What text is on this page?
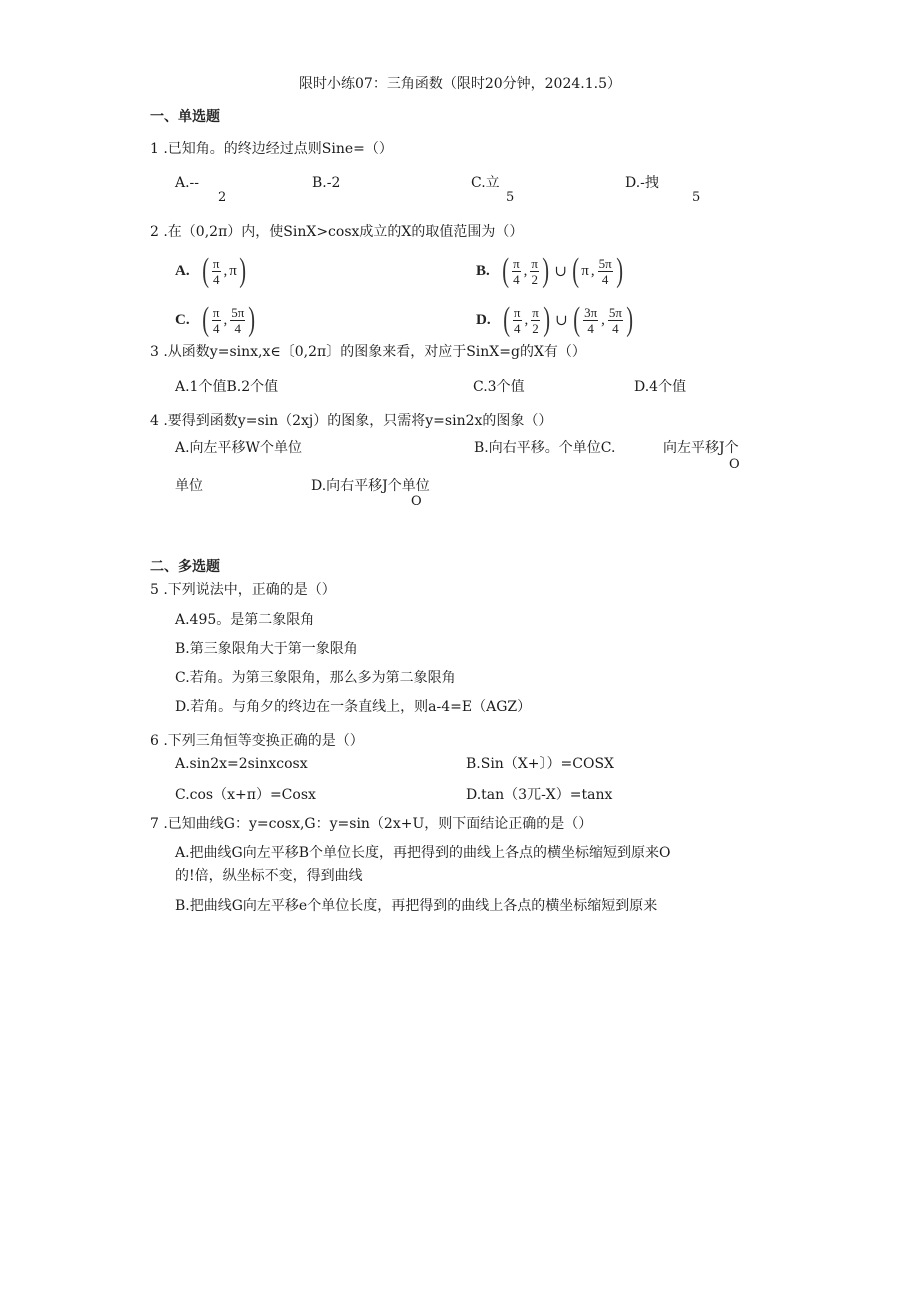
限时小练07：三角函数（限时20分钟，2024.1.5）
一、单选题
1 .已知角。的终边经过点则Sine=（）
A.--
2
B.-2	C.立
5
D.-拽
5
2 .在（0,2π）内，使SinX>cosx成立的X的取值范围为（）
A. ( $\frac{\pi}{4}$ , π )	B. ( $\frac{\pi}{4}$ , $\frac{\pi}{2}$ ) ∪ ( π , $\frac{5\pi}{4}$ )
C. ( $\frac{\pi}{4}$ , $\frac{5\pi}{4}$ )	D. ( $\frac{\pi}{4}$ , $\frac{\pi}{2}$ ) ∪ ( $\frac{3\pi}{4}$ , $\frac{5\pi}{4}$ )
3 .从函数y=sinx,x∈〔0,2π〕的图象来看，对应于SinX=g的X有（）
A.1个值B.2个值	C.3个值	D.4个值
4 .要得到函数y=sin（2xj）的图象，只需将y=sin2x的图象（）
A.向左平移W个单位	B.向右平移。个单位C.	向左平移J个
O
单位	D.向右平移J个单位
O
二、多选题
5 .下列说法中，正确的是（）
A.495。是第二象限角
B.第三象限角大于第一象限角
C.若角。为第三象限角，那么多为第二象限角
D.若角。与角夕的终边在一条直线上，则a-4=E（AGZ）
6 .下列三角恒等变换正确的是（）
A.sin2x=2sinxcosx	B.Sin（X+〕）=COSX
C.cos（x+π）=Cosx	D.tan（3兀-X）=tanx
7 .已知曲线G：y=cosx,G：y=sin（2x+U，则下面结论正确的是（）
A.把曲线G向左平移B个单位长度，再把得到的曲线上各点的横坐标缩短到原来O
的!倍，纵坐标不变，得到曲线
B.把曲线G向左平移e个单位长度，再把得到的曲线上各点的横坐标缩短到原来
